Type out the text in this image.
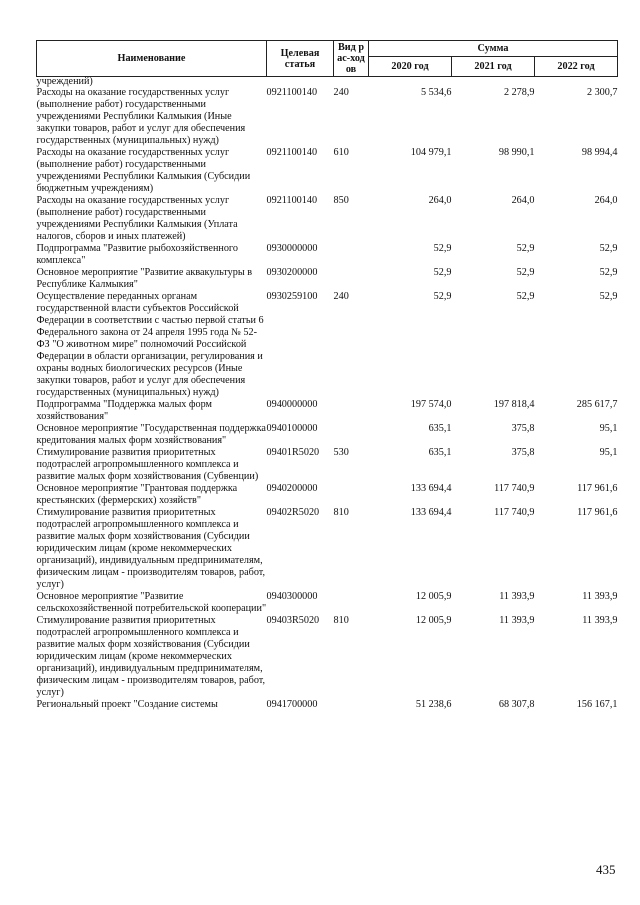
Наименование	Целевая статья	Вид рас-ходов	Сумма		
			2020 год	2021 год	2022 год
учреждений)					
Расходы на оказание государственных услуг (выполнение работ) государственными учреждениями Республики Калмыкия (Иные закупки товаров, работ и услуг для обеспечения государственных (муниципальных) нужд)	0921100140	240	5 534,6	2 278,9	2 300,7
Расходы на оказание государственных услуг (выполнение работ) государственными учреждениями Республики Калмыкия (Субсидии бюджетным учреждениям)	0921100140	610	104 979,1	98 990,1	98 994,4
Расходы на оказание государственных услуг (выполнение работ) государственными учреждениями Республики Калмыкия (Уплата налогов, сборов и иных платежей)	0921100140	850	264,0	264,0	264,0
Подпрограмма "Развитие рыбохозяйственного комплекса"	0930000000		52,9	52,9	52,9
Основное мероприятие "Развитие аквакультуры в Республике Калмыкия"	0930200000		52,9	52,9	52,9
Осуществление переданных органам государственной власти субъектов Российской Федерации в соответствии с частью первой статьи 6 Федерального закона от 24 апреля 1995 года № 52-ФЗ "О животном мире" полномочий Российской Федерации в области организации, регулирования и охраны водных биологических ресурсов (Иные закупки товаров, работ и услуг для обеспечения государственных (муниципальных) нужд)	0930259100	240	52,9	52,9	52,9
Подпрограмма "Поддержка малых форм хозяйствования"	0940000000		197 574,0	197 818,4	285 617,7
Основное мероприятие "Государственная поддержка кредитования малых форм хозяйствования"	0940100000		635,1	375,8	95,1
Стимулирование развития приоритетных подотраслей агропромышленного комплекса и развитие малых форм хозяйствования (Субвенции)	09401R5020	530	635,1	375,8	95,1
Основное мероприятие "Грантовая поддержка крестьянских (фермерских) хозяйств"	0940200000		133 694,4	117 740,9	117 961,6
Стимулирование развития приоритетных подотраслей агропромышленного комплекса и развитие малых форм хозяйствования (Субсидии юридическим лицам (кроме некоммерческих организаций), индивидуальным предпринимателям, физическим лицам - производителям товаров, работ, услуг)	09402R5020	810	133 694,4	117 740,9	117 961,6
Основное мероприятие "Развитие сельскохозяйственной потребительской кооперации"	0940300000		12 005,9	11 393,9	11 393,9
Стимулирование развития приоритетных подотраслей агропромышленного комплекса и развитие малых форм хозяйствования (Субсидии юридическим лицам (кроме некоммерческих организаций), индивидуальным предпринимателям, физическим лицам - производителям товаров, работ, услуг)	09403R5020	810	12 005,9	11 393,9	11 393,9
Региональный проект "Создание системы	0941700000		51 238,6	68 307,8	156 167,1
435
